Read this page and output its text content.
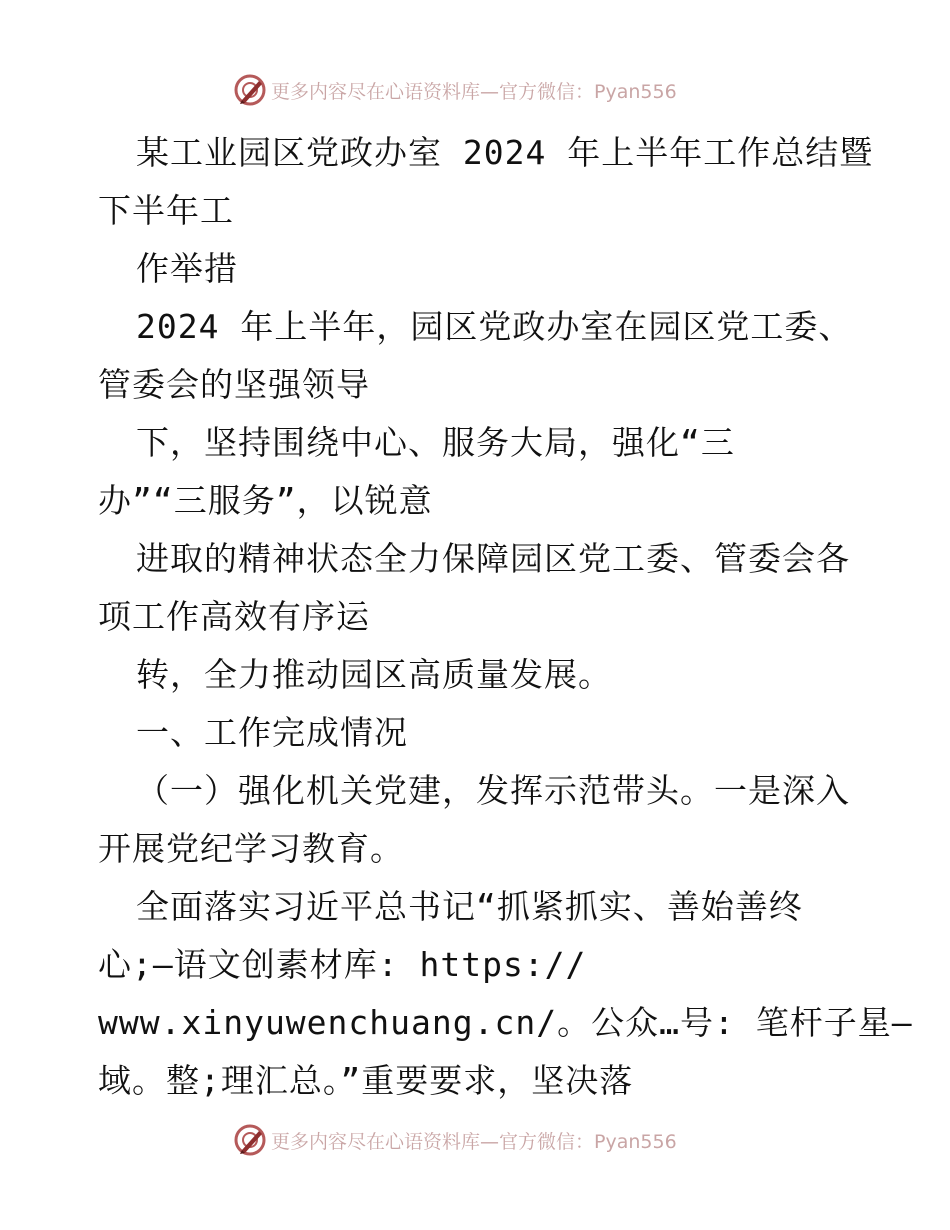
更多内容尽在心语资料库—官方微信：Pyan556
某工业园区党政办室 2024 年上半年工作总结暨
下半年工
作举措
2024 年上半年，园区党政办室在园区党工委、
管委会的坚强领导
下，坚持围绕中心、服务大局，强化“三
办”“三服务”，以锐意
进取的精神状态全力保障园区党工委、管委会各
项工作高效有序运
转，全力推动园区高质量发展。
一、工作完成情况
（一）强化机关党建，发挥示范带头。一是深入
开展党纪学习教育。
全面落实习近平总书记“抓紧抓实、善始善终
心;—语文创素材库: https://
www.xinyuwenchuang.cn/。公众…号: 笔杆子星—
域。整;理汇总。”重要要求，坚决落
更多内容尽在心语资料库—官方微信：Pyan556
